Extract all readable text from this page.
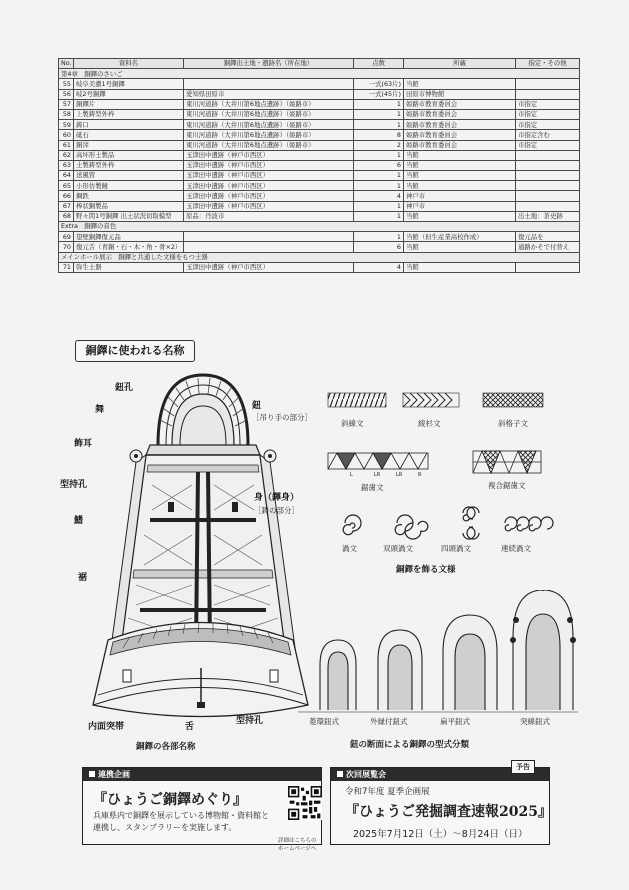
No.	資料名	銅鐸出土地・遺跡名（所在地）	点数	所蔵	指定・その他
第4章　銅鐸のさいご					
55	岐阜美濃1号銅鐸		一式(63片)	当館	
56	岐2号銅鐸	愛知県田原市	一式(45片)	田原市博物館	
57	銅鐸片	東川河道跡（大井川第6地点遺跡）（姫路市）	1	姫路市教育委員会	市指定
58	上製鋳型外枠	東川河道跡（大井川第6地点遺跡）（姫路市）	1	姫路市教育委員会	市指定
59	鋳口	東川河道跡（大井川第6地点遺跡）（姫路市）	1	姫路市教育委員会	市指定
60	砥石	東川河道跡（大井川第6地点遺跡）（姫路市）	8	姫路市教育委員会	市指定含む
61	銅滓	東川河道跡（大井川第6地点遺跡）（姫路市）	2	姫路市教育委員会	市指定
62	高坏形土製品	玉津田中遺跡（神戸市西区）	1	当館	
63	土製鋳型外枠	玉津田中遺跡（神戸市西区）	6	当館	
64	送風管	玉津田中遺跡（神戸市西区）	1	当館	
65	小形仿製鏡	玉津田中遺跡（神戸市西区）	1	当館	
66	鋼鉄	玉津田中遺跡（神戸市西区）	4	神戸市	
67	棒状銅製品	玉津田中遺跡（神戸市西区）	1	神戸市	
68	野々間1号銅鐸 出土状況切取模型	原品：丹波市	1	当館	出土地：茶史跡
Extra　銅鐸の音色					
69	望壁銅鐸復元品		1	当館（但生産業高校作成）	復元品を
70	復元舌（青銅・石・木・角・骨×2）		6	当館	通路かそで付替え
メインホール展示　銅鐸と共通した文様をもつ土器					
71	弥生土器	玉津田中遺跡（神戸市西区）	4	当館	
銅鐸に使われる名称
鈕孔
舞
飾耳
型持孔
鰭
裾
鈕
［吊り手の部分］
身（鐸身）
［鋳の部分］
内面突帯	舌
型持孔
銅鐸の各部名称
斜線文	綾杉文	斜格子文
L	LR	LR	R
鋸歯文	複合鋸歯文
渦文	双頭渦文	四頭渦文	連続渦文
銅鐸を飾る文様
菱環鈕式	外縁付鈕式	扁平鈕式	突線鈕式
鈕の断面による銅鐸の型式分類
連携企画
『ひょうご銅鐸めぐり』
兵庫県内で銅鐸を展示している博物館・資料館と連携し、スタンプラリーを実施します。
詳細はこちらのホームページへ
次回展覧会
予告
令和7年度 夏季企画展
『ひょうご発掘調査速報2025』
2025年7月12日（土）～8月24日（日）
